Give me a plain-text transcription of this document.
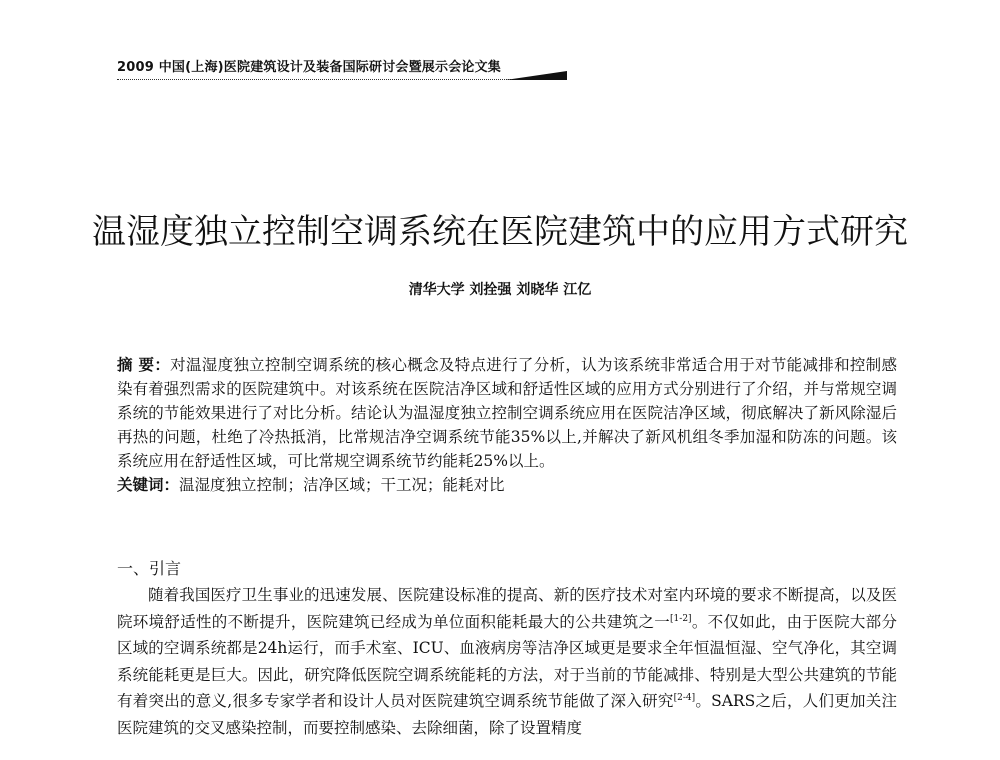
2009 中国(上海)医院建筑设计及装备国际研讨会暨展示会论文集
温湿度独立控制空调系统在医院建筑中的应用方式研究
清华大学 刘拴强 刘晓华 江亿

摘 要：对温湿度独立控制空调系统的核心概念及特点进行了分析，认为该系统非常适合用于对节能减排和控制感染有着强烈需求的医院建筑中。对该系统在医院洁净区域和舒适性区域的应用方式分别进行了介绍，并与常规空调系统的节能效果进行了对比分析。结论认为温湿度独立控制空调系统应用在医院洁净区域，彻底解决了新风除湿后再热的问题，杜绝了冷热抵消，比常规洁净空调系统节能35%以上,并解决了新风机组冬季加湿和防冻的问题。该系统应用在舒适性区域，可比常规空调系统节约能耗25%以上。

关键词：温湿度独立控制；洁净区域；干工况；能耗对比

一、引言

随着我国医疗卫生事业的迅速发展、医院建设标准的提高、新的医疗技术对室内环境的要求不断提高，以及医院环境舒适性的不断提升，医院建筑已经成为单位面积能耗最大的公共建筑之一[1-2]。不仅如此，由于医院大部分区域的空调系统都是24h运行，而手术室、ICU、血液病房等洁净区域更是要求全年恒温恒湿、空气净化，其空调系统能耗更是巨大。因此，研究降低医院空调系统能耗的方法，对于当前的节能减排、特别是大型公共建筑的节能有着突出的意义,很多专家学者和设计人员对医院建筑空调系统节能做了深入研究[2-4]。SARS之后，人们更加关注医院建筑的交叉感染控制，而要控制感染、去除细菌，除了设置精度
